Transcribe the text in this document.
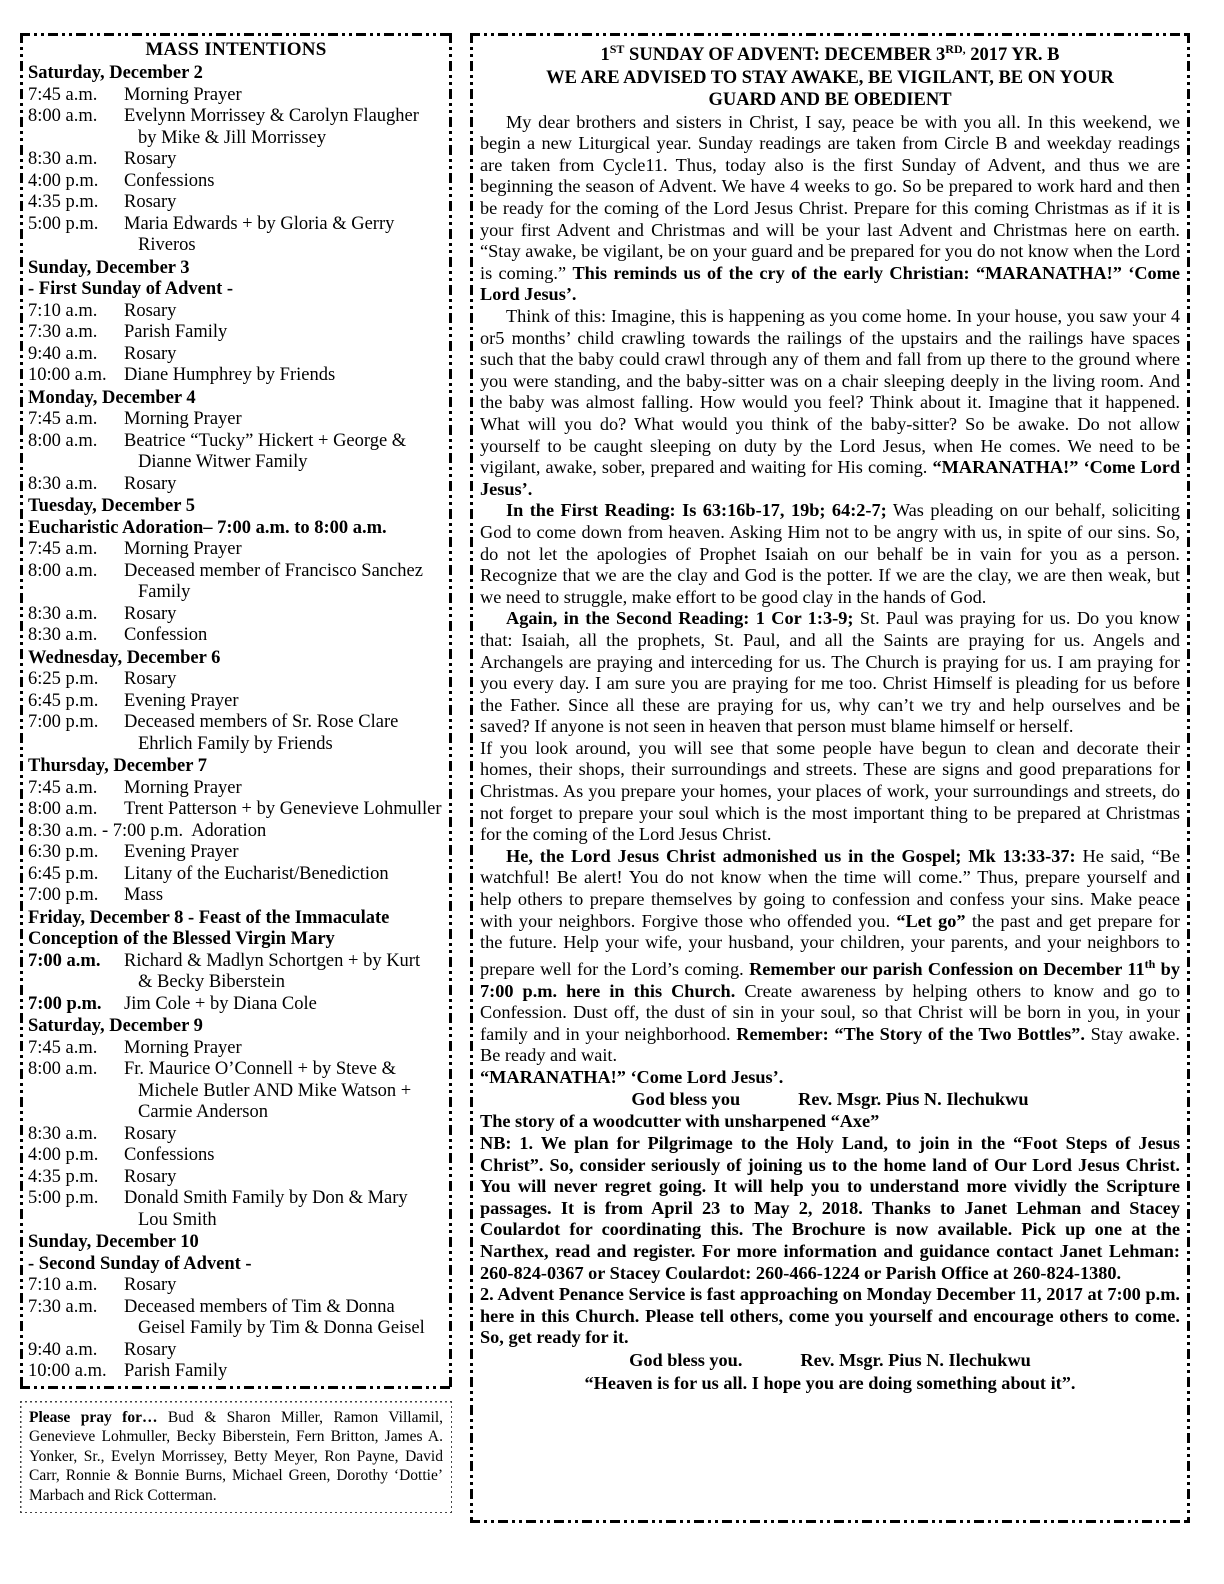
MASS INTENTIONS
Saturday, December 2
7:45 a.m.	Morning Prayer
8:00 a.m.	Evelynn Morrissey & Carolyn Flaugher
by Mike & Jill Morrissey
8:30 a.m.	Rosary
4:00 p.m.	Confessions
4:35 p.m.	Rosary
5:00 p.m.	Maria Edwards + by Gloria & Gerry
Riveros
Sunday, December 3
- First Sunday of Advent -
7:10 a.m.	Rosary
7:30 a.m.	Parish Family
9:40 a.m.	Rosary
10:00 a.m. Diane Humphrey by Friends
Monday, December 4
7:45 a.m.	Morning Prayer
8:00 a.m.	Beatrice “Tucky” Hickert + George &
Dianne Witwer Family
8:30 a.m.	Rosary
Tuesday, December 5
Eucharistic Adoration– 7:00 a.m. to 8:00 a.m.
7:45 a.m.	Morning Prayer
8:00 a.m.	Deceased member of Francisco Sanchez
Family
8:30 a.m.	Rosary
8:30 a.m.	Confession
Wednesday, December 6
6:25 p.m.	Rosary
6:45 p.m.	Evening Prayer
7:00 p.m.	Deceased members of Sr. Rose Clare
Ehrlich Family by Friends
Thursday, December 7
7:45 a.m.	Morning Prayer
8:00 a.m.	Trent Patterson + by Genevieve Lohmuller
8:30 a.m. - 7:00 p.m. Adoration
6:30 p.m.	Evening Prayer
6:45 p.m.	Litany of the Eucharist/Benediction
7:00 p.m.	Mass
Friday, December 8 - Feast of the Immaculate
Conception of the Blessed Virgin Mary
7:00 a.m.	Richard & Madlyn Schortgen + by Kurt
& Becky Biberstein
7:00 p.m.	Jim Cole + by Diana Cole
Saturday, December 9
7:45 a.m.	Morning Prayer
8:00 a.m.	Fr. Maurice O’Connell + by Steve &
Michele Butler AND Mike Watson +
Carmie Anderson
8:30 a.m.	Rosary
4:00 p.m.	Confessions
4:35 p.m.	Rosary
5:00 p.m.	Donald Smith Family by Don & Mary
Lou Smith
Sunday, December 10
- Second Sunday of Advent -
7:10 a.m.	Rosary
7:30 a.m.	Deceased members of Tim & Donna
Geisel Family by Tim & Donna Geisel
9:40 a.m.	Rosary
10:00 a.m. Parish Family
Please pray for… Bud & Sharon Miller, Ramon Villamil, Genevieve Lohmuller, Becky Biberstein, Fern Britton, James A. Yonker, Sr., Evelyn Morrissey, Betty Meyer, Ron Payne, David Carr, Ronnie & Bonnie Burns, Michael Green, Dorothy ‘Dottie’ Marbach and Rick Cotterman.
1ST SUNDAY OF ADVENT: DECEMBER $3^{RD,}$ 2017 YR. B
WE ARE ADVISED TO STAY AWAKE, BE VIGILANT, BE ON YOUR
GUARD AND BE OBEDIENT

My dear brothers and sisters in Christ, I say, peace be with you all. In this weekend, we begin a new Liturgical year. Sunday readings are taken from Circle B and weekday readings are taken from Cycle11. Thus, today also is the first Sunday of Advent, and thus we are beginning the season of Advent. We have 4 weeks to go. So be prepared to work hard and then be ready for the coming of the Lord Jesus Christ. Prepare for this coming Christmas as if it is your first Advent and Christmas and will be your last Advent and Christmas here on earth. “Stay awake, be vigilant, be on your guard and be prepared for you do not know when the Lord is coming.” This reminds us of the cry of the early Christian: “MARANATHA!” ‘Come Lord Jesus’.

Think of this: Imagine, this is happening as you come home. In your house, you saw your 4 or5 months’ child crawling towards the railings of the upstairs and the railings have spaces such that the baby could crawl through any of them and fall from up there to the ground where you were standing, and the baby-sitter was on a chair sleeping deeply in the living room. And the baby was almost falling. How would you feel? Think about it. Imagine that it happened. What will you do? What would you think of the baby-sitter? So be awake. Do not allow yourself to be caught sleeping on duty by the Lord Jesus, when He comes. We need to be vigilant, awake, sober, prepared and waiting for His coming. “MARANATHA!” ‘Come Lord Jesus’.

In the First Reading: Is 63:16b-17, 19b; 64:2-7; Was pleading on our behalf, soliciting God to come down from heaven. Asking Him not to be angry with us, in spite of our sins. So, do not let the apologies of Prophet Isaiah on our behalf be in vain for you as a person. Recognize that we are the clay and God is the potter. If we are the clay, we are then weak, but we need to struggle, make effort to be good clay in the hands of God.

Again, in the Second Reading: 1 Cor 1:3-9; St. Paul was praying for us. Do you know that: Isaiah, all the prophets, St. Paul, and all the Saints are praying for us. Angels and Archangels are praying and interceding for us. The Church is praying for us. I am praying for you every day. I am sure you are praying for me too. Christ Himself is pleading for us before the Father. Since all these are praying for us, why can’t we try and help ourselves and be saved? If anyone is not seen in heaven that person must blame himself or herself.

If you look around, you will see that some people have begun to clean and decorate their homes, their shops, their surroundings and streets. These are signs and good preparations for Christmas. As you prepare your homes, your places of work, your surroundings and streets, do not forget to prepare your soul which is the most important thing to be prepared at Christmas for the coming of the Lord Jesus Christ.

He, the Lord Jesus Christ admonished us in the Gospel; Mk 13:33-37: He said, “Be watchful! Be alert! You do not know when the time will come.” Thus, prepare yourself and help others to prepare themselves by going to confession and confess your sins. Make peace with your neighbors. Forgive those who offended you. “Let go” the past and get prepare for the future. Help your wife, your husband, your children, your parents, and your neighbors to prepare well for the Lord’s coming. Remember our parish Confession on December 11th by 7:00 p.m. here in this Church. Create awareness by helping others to know and go to Confession. Dust off, the dust of sin in your soul, so that Christ will be born in you, in your family and in your neighborhood. Remember: “The Story of the Two Bottles”. Stay awake. Be ready and wait.

“MARANATHA!” ‘Come Lord Jesus’.

God bless you	Rev. Msgr. Pius N. Ilechukwu

The story of a woodcutter with unsharpened “Axe”

NB: 1. We plan for Pilgrimage to the Holy Land, to join in the “Foot Steps of Jesus Christ”. So, consider seriously of joining us to the home land of Our Lord Jesus Christ. You will never regret going. It will help you to understand more vividly the Scripture passages. It is from April 23 to May 2, 2018. Thanks to Janet Lehman and Stacey Coulardot for coordinating this. The Brochure is now available. Pick up one at the Narthex, read and register. For more information and guidance contact Janet Lehman: 260-824-0367 or Stacey Coulardot: 260-466-1224 or Parish Office at 260-824-1380.

2. Advent Penance Service is fast approaching on Monday December 11, 2017 at 7:00 p.m. here in this Church. Please tell others, come you yourself and encourage others to come. So, get ready for it.

God bless you.	Rev. Msgr. Pius N. Ilechukwu

“Heaven is for us all. I hope you are doing something about it”.
